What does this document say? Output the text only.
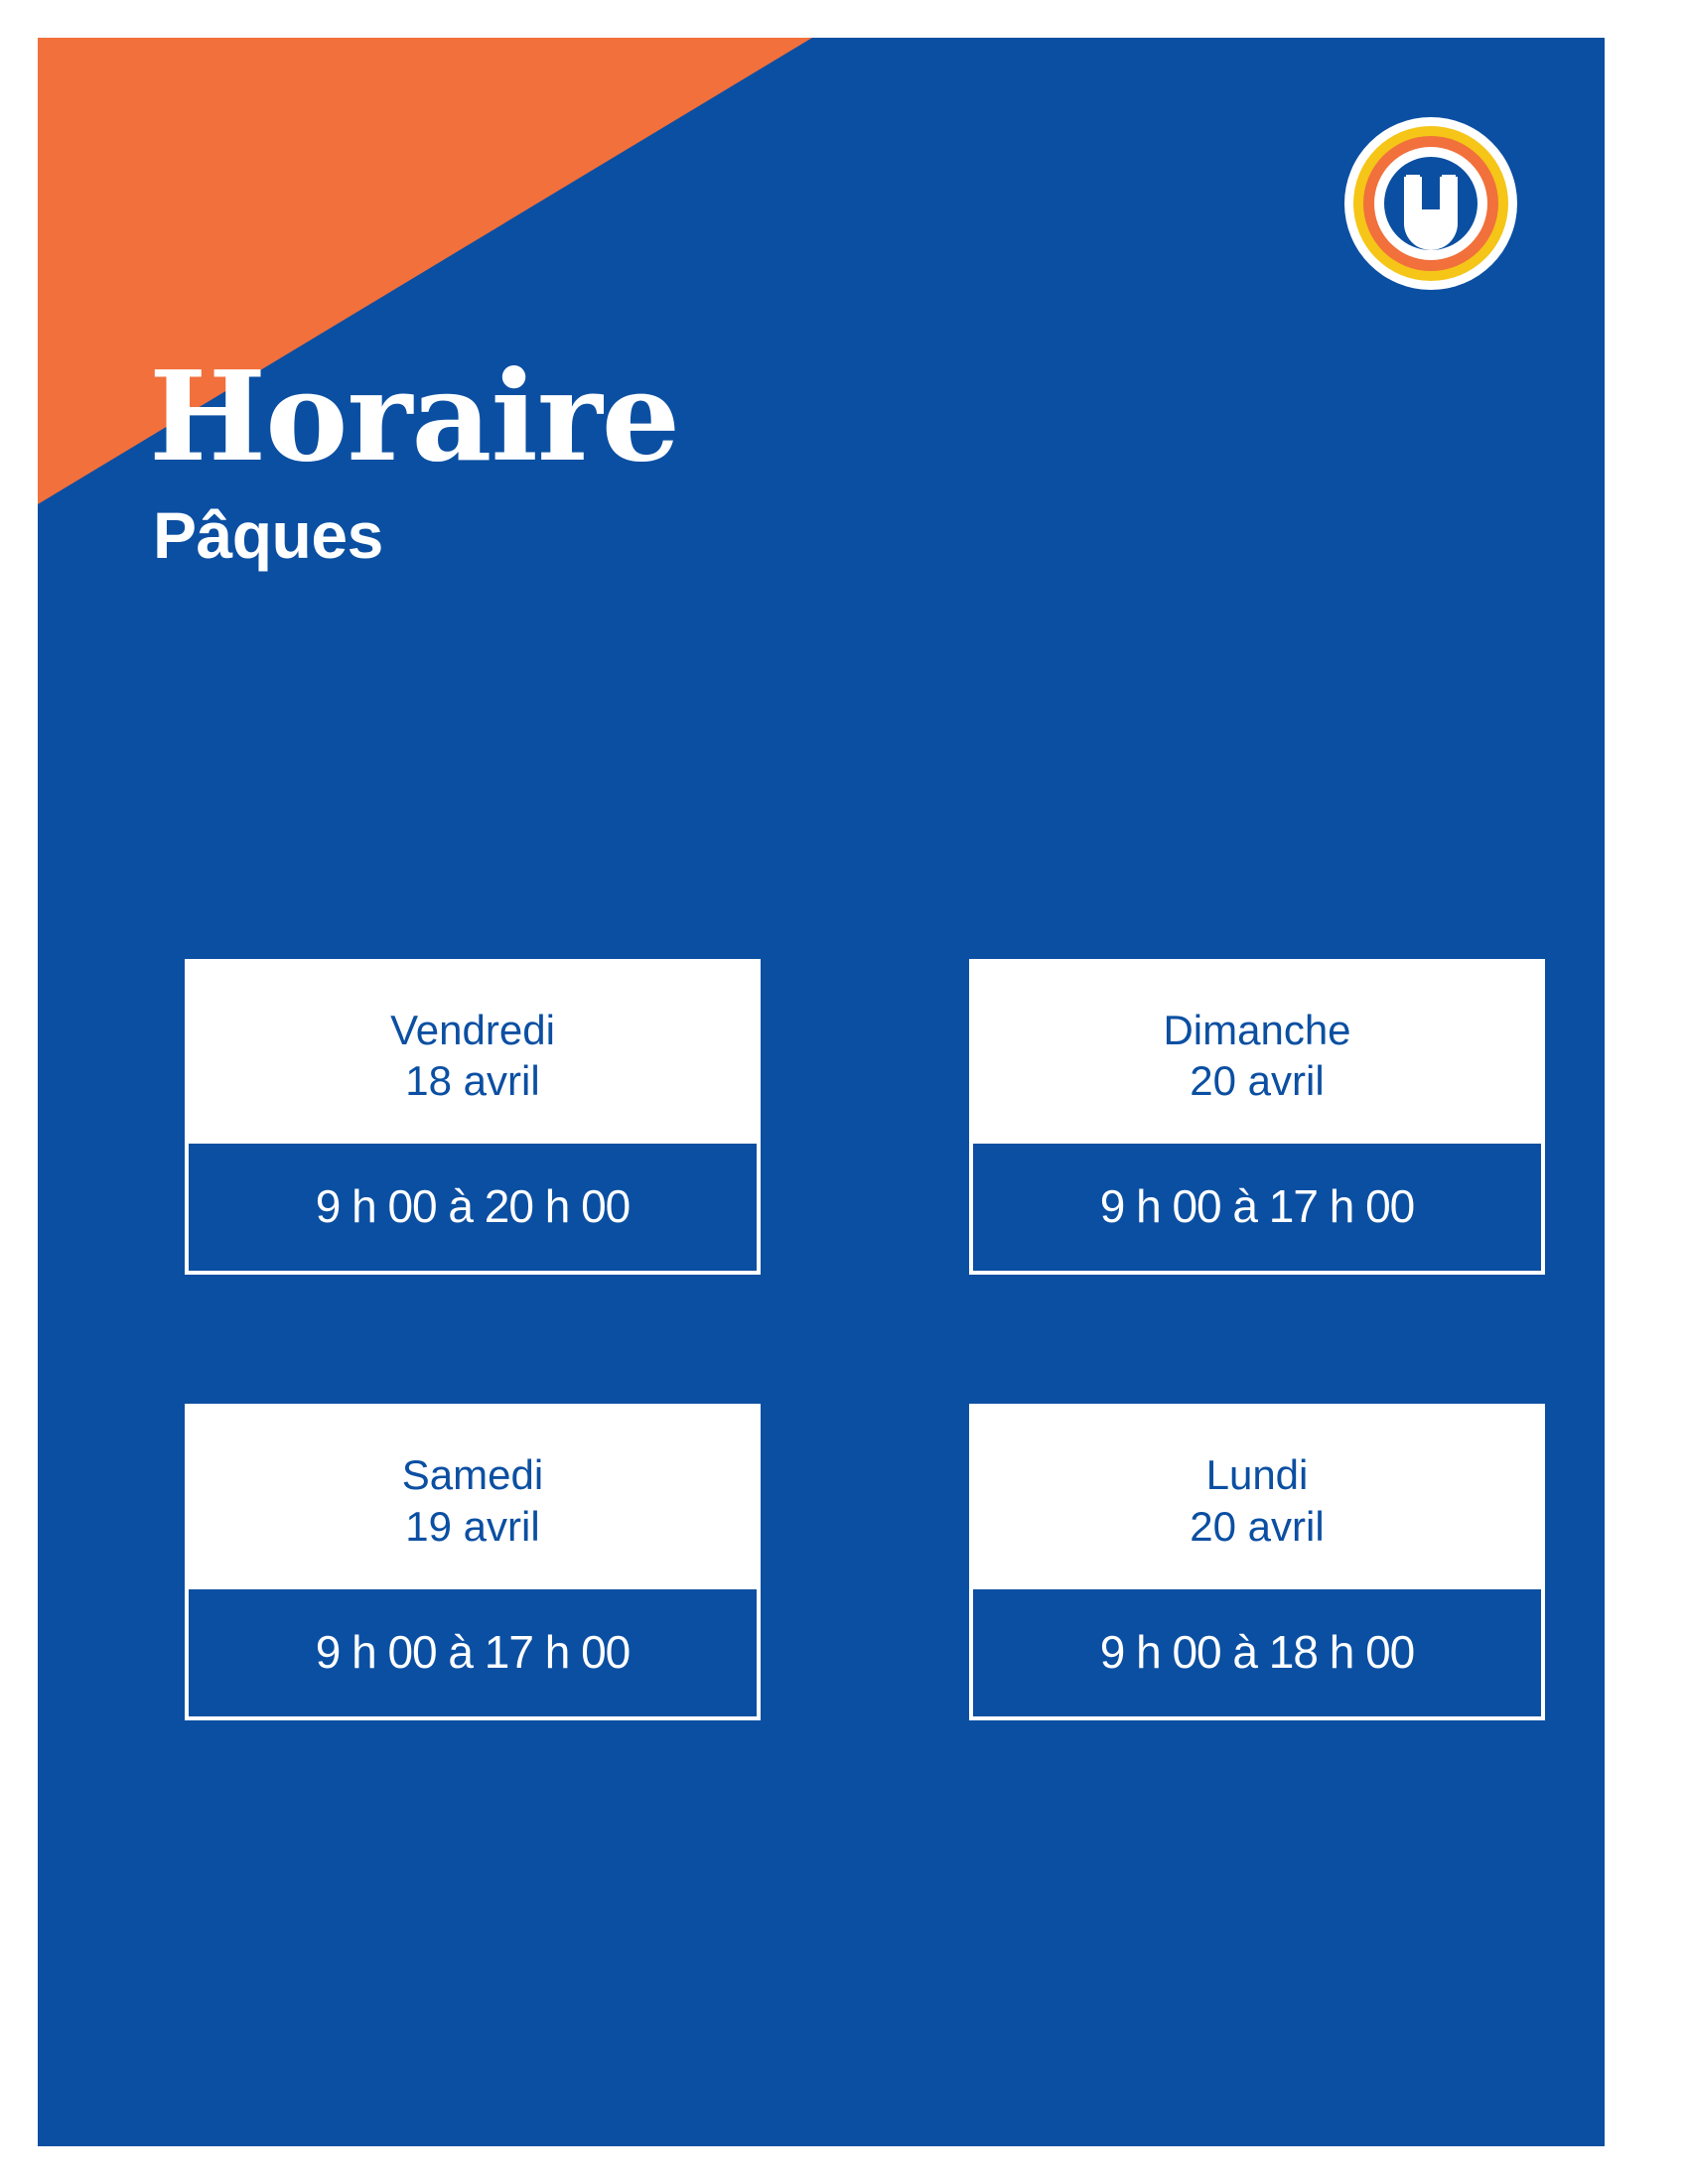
Horaire
Pâques
Vendredi
18 avril
9 h 00 à 20 h 00
Dimanche
20 avril
9 h 00 à 17 h 00
Samedi
19 avril
9 h 00 à 17 h 00
Lundi
20 avril
9 h 00 à 18 h 00
